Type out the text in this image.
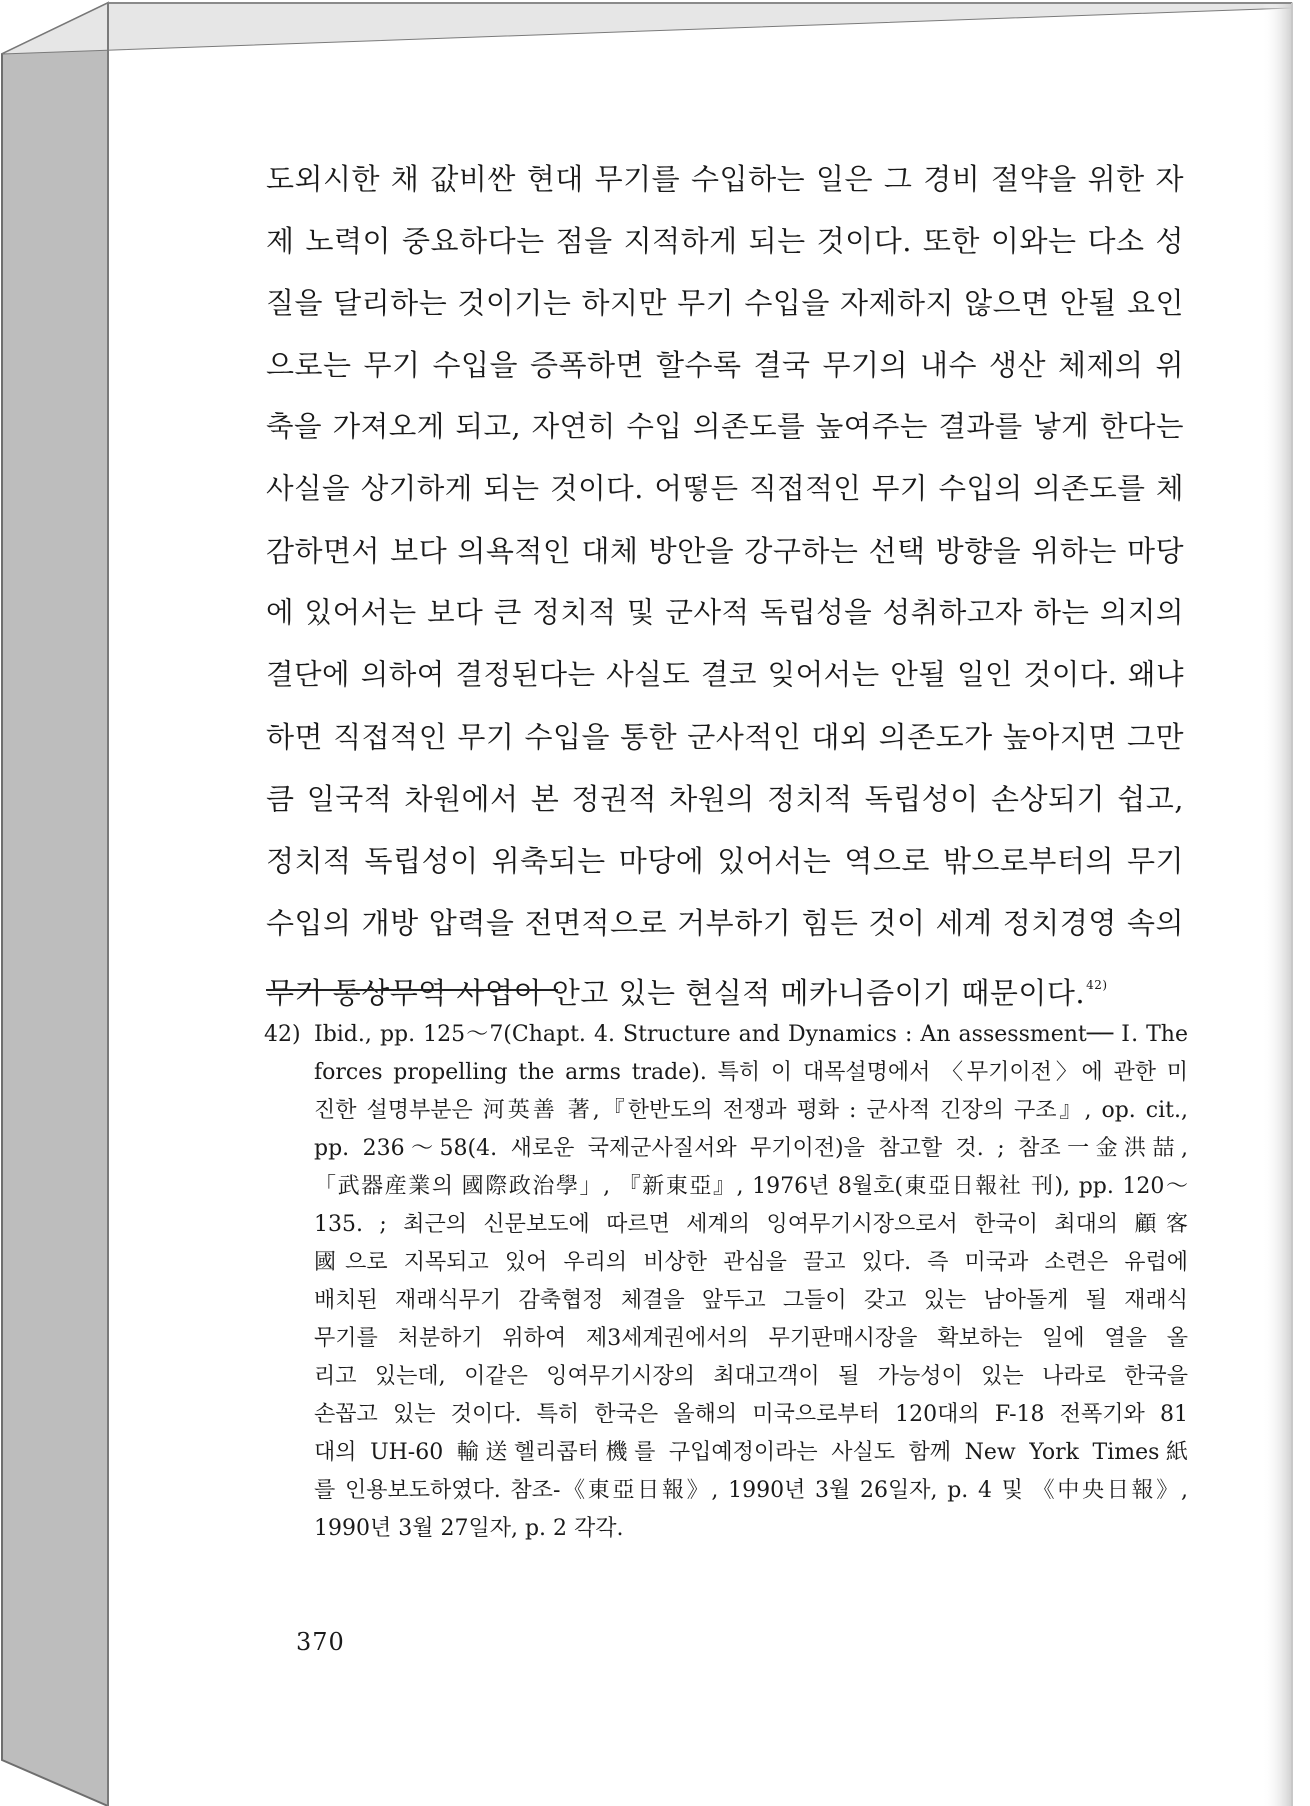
도외시한 채 값비싼 현대 무기를 수입하는 일은 그 경비 절약을 위한 자
제 노력이 중요하다는 점을 지적하게 되는 것이다. 또한 이와는 다소 성
질을 달리하는 것이기는 하지만 무기 수입을 자제하지 않으면 안될 요인
으로는 무기 수입을 증폭하면 할수록 결국 무기의 내수 생산 체제의 위
축을 가져오게 되고, 자연히 수입 의존도를 높여주는 결과를 낳게 한다는
사실을 상기하게 되는 것이다. 어떻든 직접적인 무기 수입의 의존도를 체
감하면서 보다 의욕적인 대체 방안을 강구하는 선택 방향을 위하는 마당
에 있어서는 보다 큰 정치적 및 군사적 독립성을 성취하고자 하는 의지의
결단에 의하여 결정된다는 사실도 결코 잊어서는 안될 일인 것이다. 왜냐
하면 직접적인 무기 수입을 통한 군사적인 대외 의존도가 높아지면 그만
큼 일국적 차원에서 본 정권적 차원의 정치적 독립성이 손상되기 쉽고,
정치적 독립성이 위축되는 마당에 있어서는 역으로 밖으로부터의 무기
수입의 개방 압력을 전면적으로 거부하기 힘든 것이 세계 정치경영 속의
무기 통상무역 사업이 안고 있는 현실적 메카니즘이기 때문이다.$^{42)}$

42) Ibid., pp. 125～7(Chapt. 4. Structure and Dynamics : An assessment── Ⅰ. The
forces propelling the arms trade). 특히 이 대목설명에서 〈무기이전〉에 관한 미
진한 설명부분은 河英善 著,『한반도의 전쟁과 평화 : 군사적 긴장의 구조』, op. cit.,
pp. 236～58(4. 새로운 국제군사질서와 무기이전)을 참고할 것. ; 참조一金洪喆,
「武器産業의 國際政治學」, 『新東亞』, 1976년 8월호(東亞日報社 刊), pp. 120～
135. ; 최근의 신문보도에 따르면 세계의 잉여무기시장으로서 한국이 최대의 顧客
國으로 지목되고 있어 우리의 비상한 관심을 끌고 있다. 즉 미국과 소련은 유럽에
배치된 재래식무기 감축협정 체결을 앞두고 그들이 갖고 있는 남아돌게 될 재래식
무기를 처분하기 위하여 제3세계권에서의 무기판매시장을 확보하는 일에 열을 올
리고 있는데, 이같은 잉여무기시장의 최대고객이 될 가능성이 있는 나라로 한국을
손꼽고 있는 것이다. 특히 한국은 올해의 미국으로부터 120대의 F-18 전폭기와 81
대의 UH-60 輸送헬리콥터機를 구입예정이라는 사실도 함께 New York Times紙
를 인용보도하였다. 참조-《東亞日報》, 1990년 3월 26일자, p. 4 및 《中央日報》,
1990년 3월 27일자, p. 2 각각.
370
